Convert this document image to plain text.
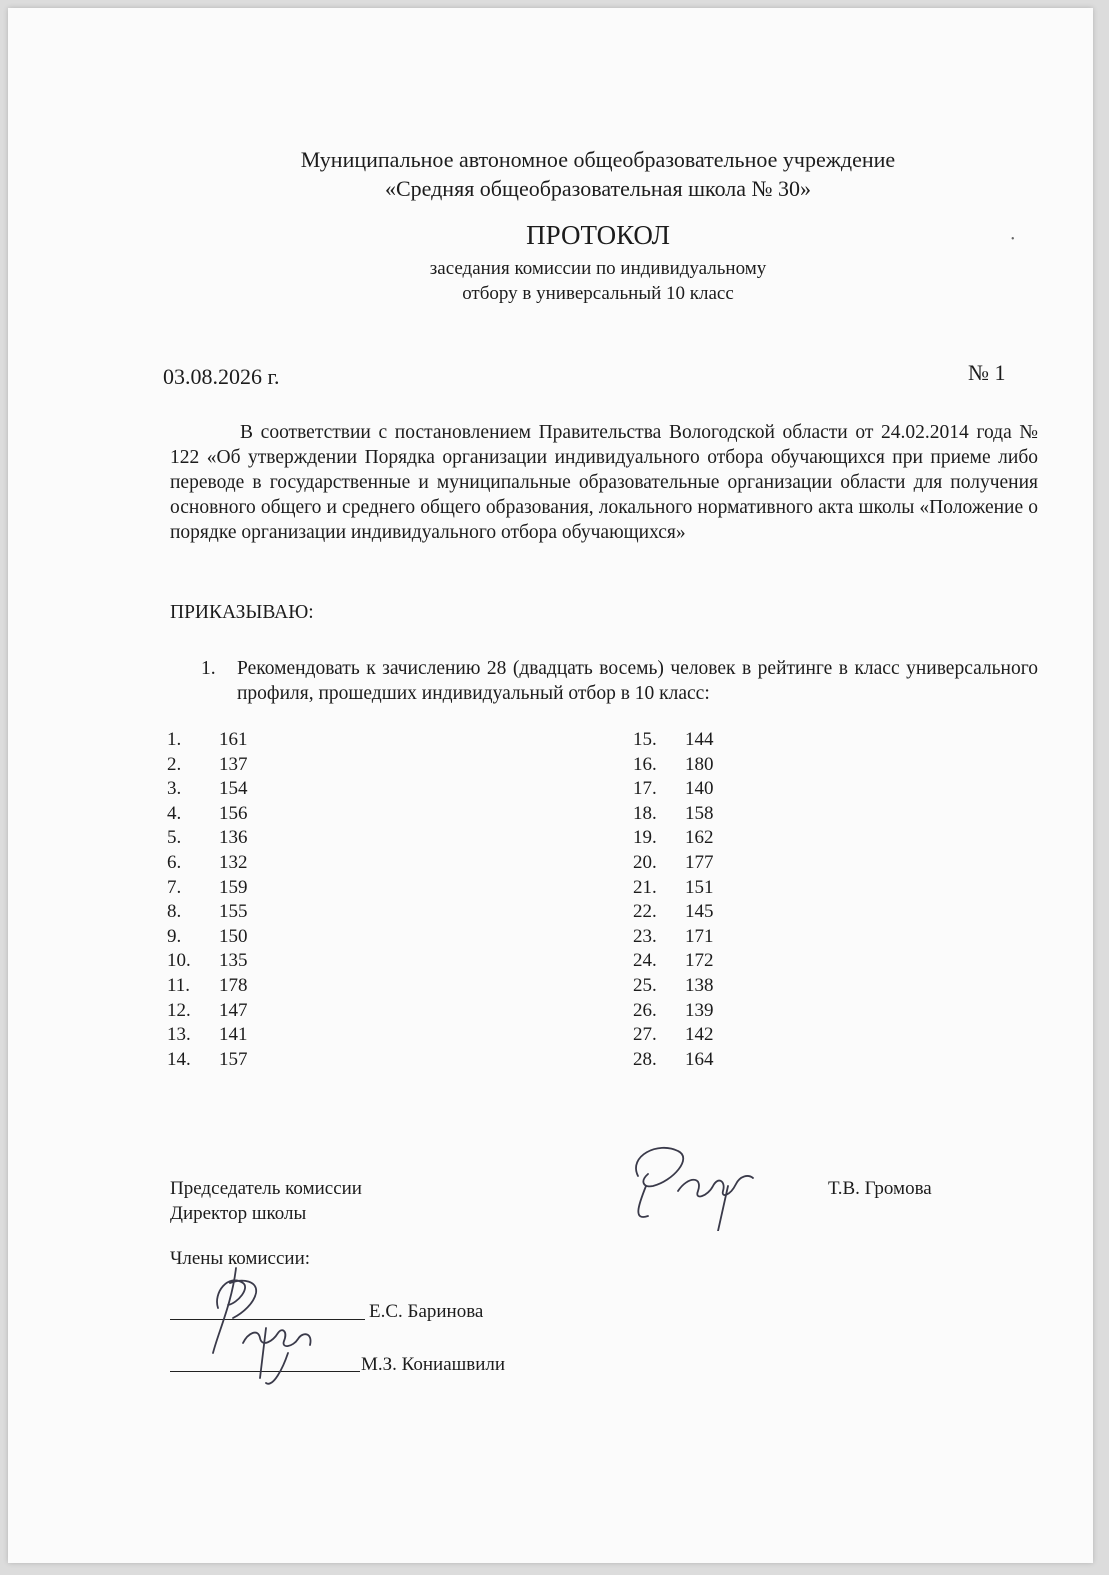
Муниципальное автономное общеобразовательное учреждение
«Средняя общеобразовательная школа № 30»
ПРОТОКОЛ
заседания комиссии по индивидуальному
отбору в универсальный 10 класс
•
03.08.2026 г.	№ 1
В соответствии с постановлением Правительства Вологодской области от 24.02.2014 года № 122 «Об утверждении Порядка организации индивидуального отбора обучающихся при приеме либо переводе в государственные и муниципальные образовательные организации области для получения основного общего и среднего общего образования, локального нормативного акта школы «Положение о порядке организации индивидуального отбора обучающихся»
ПРИКАЗЫВАЮ:
1. Рекомендовать к зачислению 28 (двадцать восемь) человек в рейтинге в класс универсального профиля, прошедших индивидуальный отбор в 10 класс:
1. 161
2. 137
3. 154
4. 156
5. 136
6. 132
7. 159
8. 155
9. 150
10. 135
11. 178
12. 147
13. 141
14. 157
15. 144
16. 180
17. 140
18. 158
19. 162
20. 177
21. 151
22. 145
23. 171
24. 172
25. 138
26. 139
27. 142
28. 164
Председатель комиссии
Директор школы
Т.В. Громова
Члены комиссии:
Е.С. Баринова
М.З. Кониашвили
